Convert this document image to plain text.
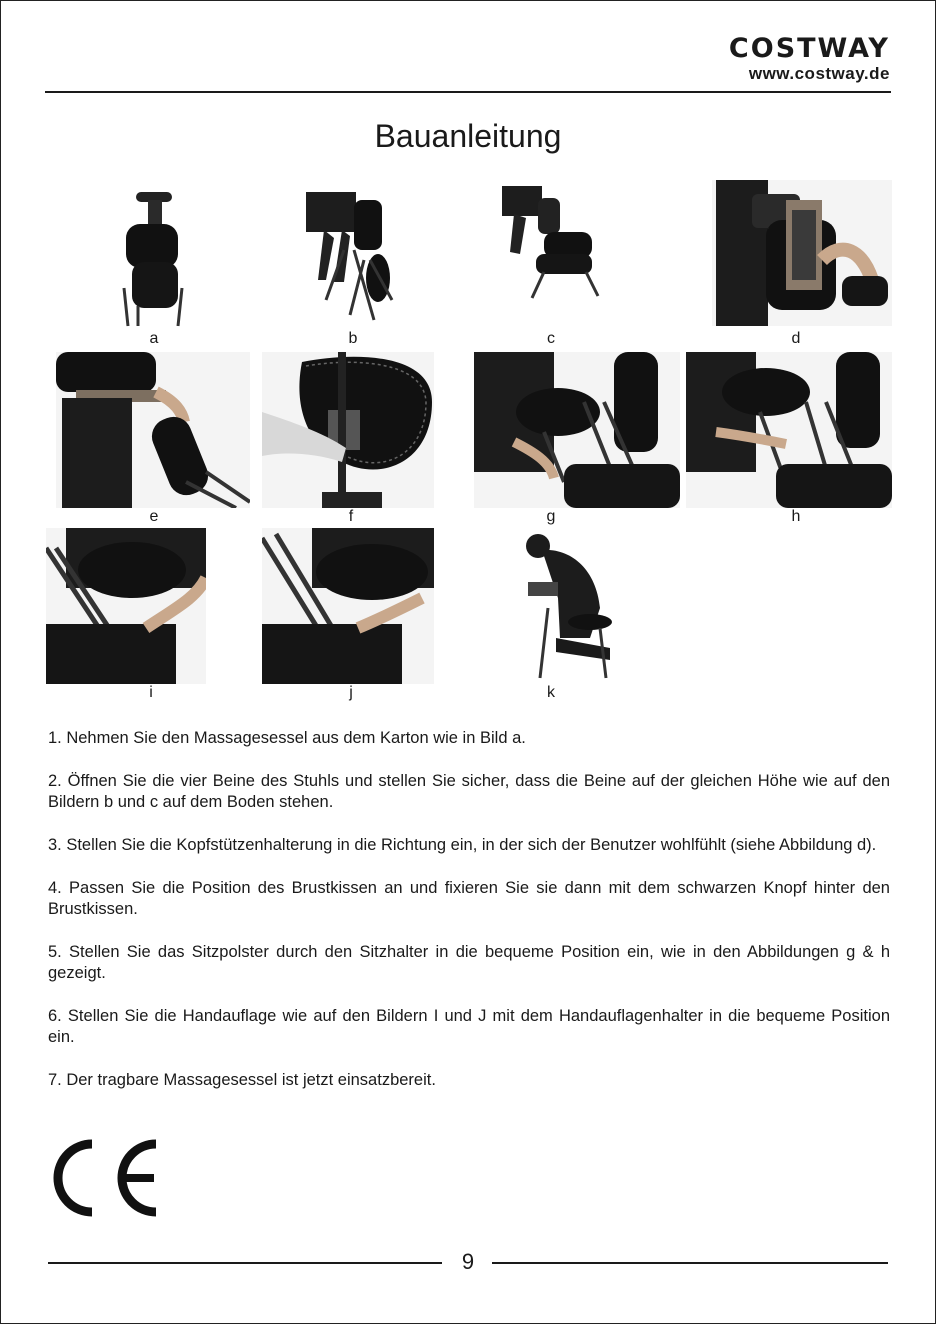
COSTWAY
www.costway.de
Bauanleitung
a	b	c	d
e	f	g	h
i	j	k

1. Nehmen Sie den Massagesessel aus dem Karton wie in Bild a.

2. Öffnen Sie die vier Beine des Stuhls und stellen Sie sicher, dass die Beine auf der gleichen Höhe wie auf den Bildern b und c auf dem Boden stehen.

3. Stellen Sie die Kopfstützenhalterung in die Richtung ein, in der sich der Benutzer wohlfühlt (siehe Abbildung d).

4. Passen Sie die Position des Brustkissen an und fixieren Sie sie dann mit dem schwarzen Knopf hinter den Brustkissen.

5. Stellen Sie das Sitzpolster durch den Sitzhalter in die bequeme Position ein, wie in den Abbildungen g & h gezeigt.

6. Stellen Sie die Handauflage wie auf den Bildern I und J mit dem Handauflagenhalter in die bequeme Position ein.

7. Der tragbare Massagesessel ist jetzt einsatzbereit.

9
